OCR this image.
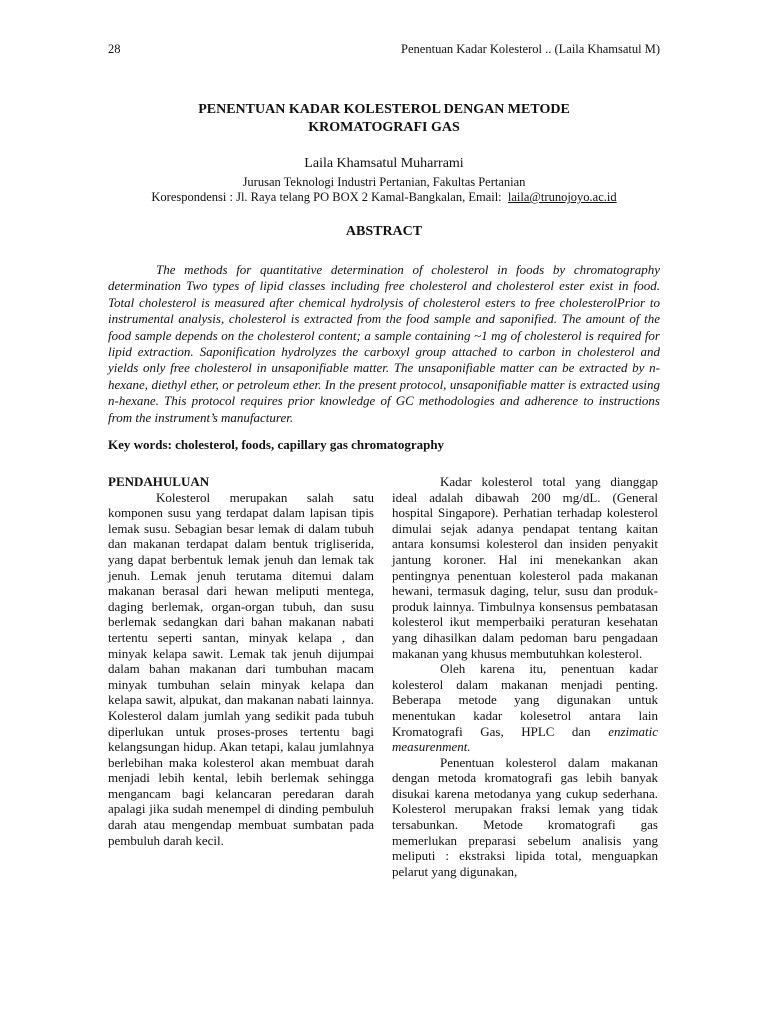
28	Penentuan Kadar Kolesterol .. (Laila Khamsatul M)
PENENTUAN KADAR KOLESTEROL DENGAN METODE
KROMATOGRAFI GAS
Laila Khamsatul Muharrami
Jurusan Teknologi Industri Pertanian, Fakultas Pertanian
Korespondensi : Jl. Raya telang PO BOX 2 Kamal-Bangkalan, Email: laila@trunojoyo.ac.id
ABSTRACT

The methods for quantitative determination of cholesterol in foods by chromatography determination Two types of lipid classes including free cholesterol and cholesterol ester exist in food. Total cholesterol is measured after chemical hydrolysis of cholesterol esters to free cholesterolPrior to instrumental analysis, cholesterol is extracted from the food sample and saponified. The amount of the food sample depends on the cholesterol content; a sample containing ~1 mg of cholesterol is required for lipid extraction. Saponification hydrolyzes the carboxyl group attached to carbon in cholesterol and yields only free cholesterol in unsaponifiable matter. The unsaponifiable matter can be extracted by n-hexane, diethyl ether, or petroleum ether. In the present protocol, unsaponifiable matter is extracted using n-hexane. This protocol requires prior knowledge of GC methodologies and adherence to instructions from the instrument’s manufacturer.

Key words: cholesterol, foods, capillary gas chromatography

PENDAHULUAN

Kolesterol merupakan salah satu komponen susu yang terdapat dalam lapisan tipis lemak susu. Sebagian besar lemak di dalam tubuh dan makanan terdapat dalam bentuk trigliserida, yang dapat berbentuk lemak jenuh dan lemak tak jenuh. Lemak jenuh terutama ditemui dalam makanan berasal dari hewan meliputi mentega, daging berlemak, organ-organ tubuh, dan susu berlemak sedangkan dari bahan makanan nabati tertentu seperti santan, minyak kelapa , dan minyak kelapa sawit. Lemak tak jenuh dijumpai dalam bahan makanan dari tumbuhan macam minyak tumbuhan selain minyak kelapa dan kelapa sawit, alpukat, dan makanan nabati lainnya. Kolesterol dalam jumlah yang sedikit pada tubuh diperlukan untuk proses-proses tertentu bagi kelangsungan hidup. Akan tetapi, kalau jumlahnya berlebihan maka kolesterol akan membuat darah menjadi lebih kental, lebih berlemak sehingga mengancam bagi kelancaran peredaran darah apalagi jika sudah menempel di dinding pembuluh darah atau mengendap membuat sumbatan pada pembuluh darah kecil.

Kadar kolesterol total yang dianggap ideal adalah dibawah 200 mg/dL. (General hospital Singapore). Perhatian terhadap kolesterol dimulai sejak adanya pendapat tentang kaitan antara konsumsi kolesterol dan insiden penyakit jantung koroner. Hal ini menekankan akan pentingnya penentuan kolesterol pada makanan hewani, termasuk daging, telur, susu dan produk-produk lainnya. Timbulnya konsensus pembatasan kolesterol ikut memperbaiki peraturan kesehatan yang dihasilkan dalam pedoman baru pengadaan makanan yang khusus membutuhkan kolesterol.

Oleh karena itu, penentuan kadar kolesterol dalam makanan menjadi penting. Beberapa metode yang digunakan untuk menentukan kadar kolesetrol antara lain Kromatografi Gas, HPLC dan enzimatic measurenment.

Penentuan kolesterol dalam makanan dengan metoda kromatografi gas lebih banyak disukai karena metodanya yang cukup sederhana. Kolesterol merupakan fraksi lemak yang tidak tersabunkan. Metode kromatografi gas memerlukan preparasi sebelum analisis yang meliputi : ekstraksi lipida total, menguapkan pelarut yang digunakan,
